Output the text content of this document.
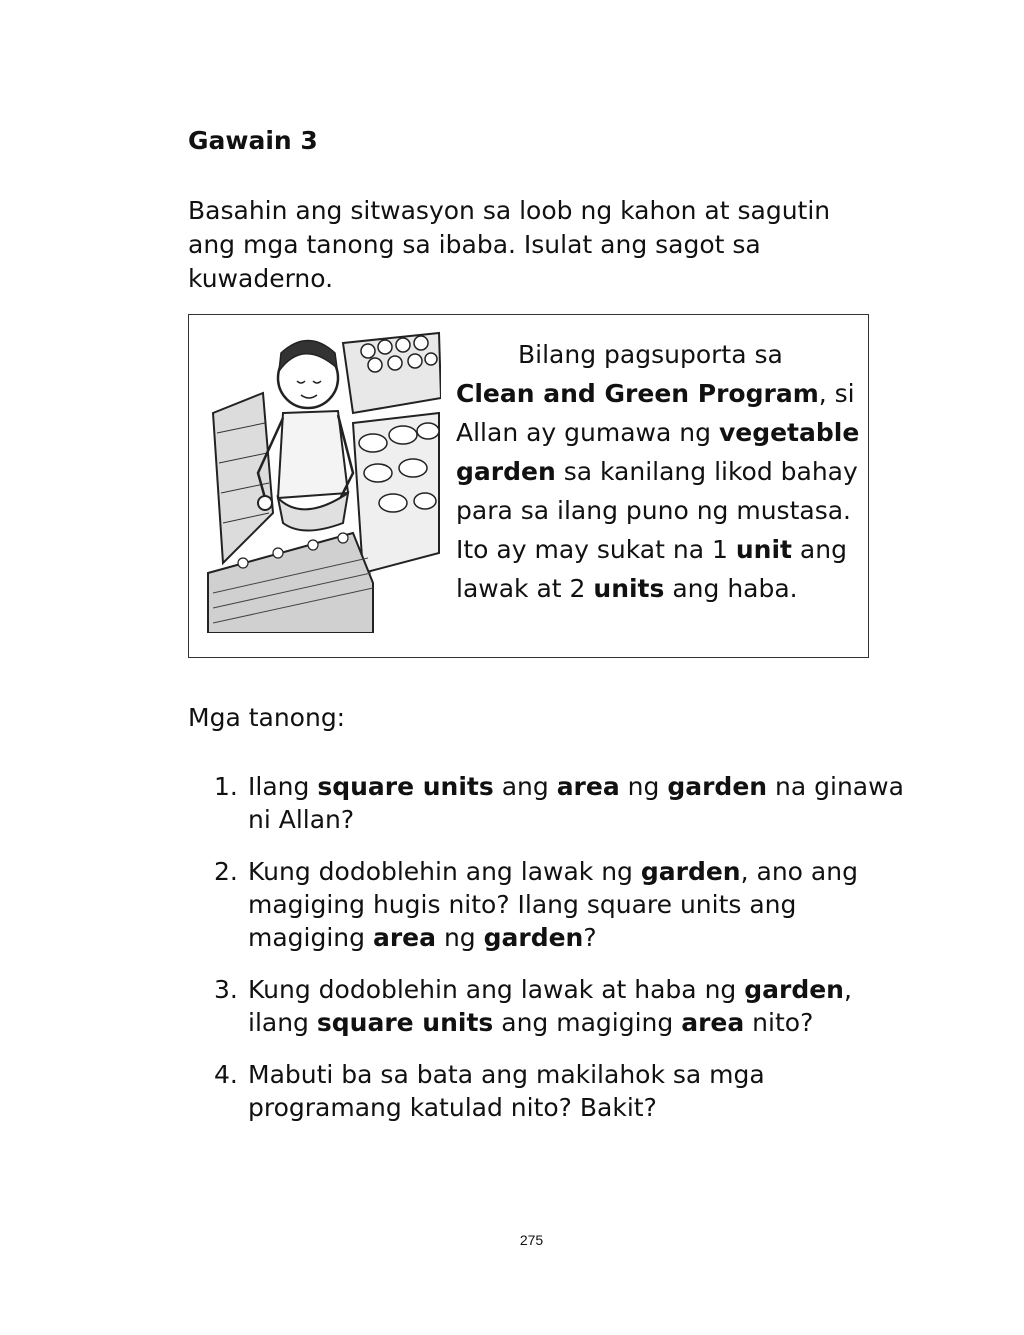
Gawain 3

Basahin ang sitwasyon sa loob ng kahon at sagutin ang mga tanong sa ibaba. Isulat ang sagot sa kuwaderno.

Bilang pagsuporta sa Clean and Green Program, si Allan ay gumawa ng vegetable garden sa kanilang likod bahay para sa ilang puno ng mustasa. Ito ay may sukat na 1 unit ang lawak at 2 units ang haba.

Mga tanong:

1. Ilang square units ang area ng garden na ginawa ni Allan?
2. Kung dodoblehin ang lawak ng garden, ano ang magiging hugis nito? Ilang square units ang magiging area ng garden?
3. Kung dodoblehin ang lawak at haba ng garden, ilang square units ang magiging area nito?
4. Mabuti ba sa bata ang makilahok sa mga programang katulad nito? Bakit?
275
